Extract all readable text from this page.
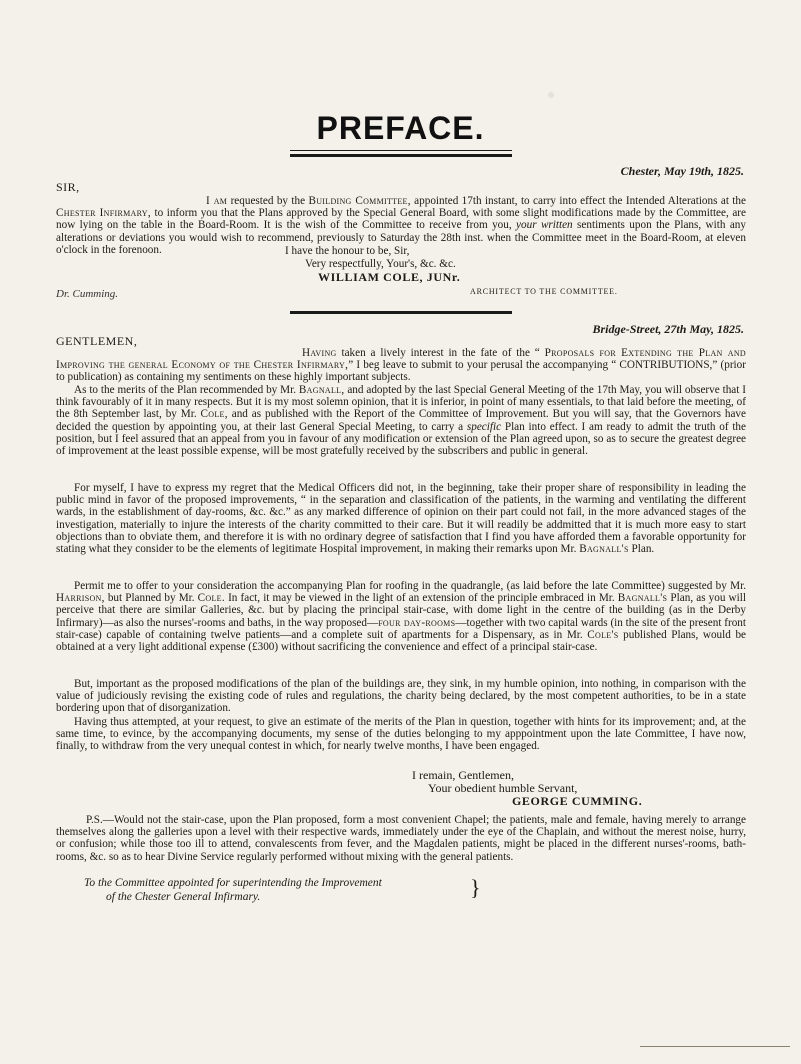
PREFACE.
Chester, May 19th, 1825.
SIR,

I am requested by the Building Committee, appointed 17th instant, to carry into effect the Intended Alterations at the Chester Infirmary, to inform you that the Plans approved by the Special General Board, with some slight modifications made by the Committee, are now lying on the table in the Board-Room. It is the wish of the Committee to receive from you, your written sentiments upon the Plans, with any alterations or deviations you would wish to recommend, previously to Saturday the 28th inst. when the Committee meet in the Board-Room, at eleven o'clock in the forenoon.	I have the honour to be, Sir,
Very respectfully, Your's, &c. &c.
WILLIAM COLE, JUNr.
ARCHITECT TO THE COMMITTEE.
Dr. Cumming.
Bridge-Street, 27th May, 1825.
GENTLEMEN,

Having taken a lively interest in the fate of the “ Proposals for Extending the Plan and Improving the general Economy of the Chester Infirmary,” I beg leave to submit to your perusal the accompanying “ CONTRIBUTIONS,” (prior to publication) as containing my sentiments on these highly important subjects.

As to the merits of the Plan recommended by Mr. Bagnall, and adopted by the last Special General Meeting of the 17th May, you will observe that I think favourably of it in many respects. But it is my most solemn opinion, that it is inferior, in point of many essentials, to that laid before the meeting, of the 8th September last, by Mr. Cole, and as published with the Report of the Committee of Improvement. But you will say, that the Governors have decided the question by appointing you, at their last General Special Meeting, to carry a specific Plan into effect. I am ready to admit the truth of the position, but I feel assured that an appeal from you in favour of any modification or extension of the Plan agreed upon, so as to secure the greatest degree of improvement at the least possible expense, will be most gratefully received by the subscribers and public in general.

For myself, I have to express my regret that the Medical Officers did not, in the beginning, take their proper share of responsibility in leading the public mind in favor of the proposed improvements, “ in the separation and classification of the patients, in the warming and ventilating the different wards, in the establishment of day-rooms, &c. &c.” as any marked difference of opinion on their part could not fail, in the more advanced stages of the investigation, materially to injure the interests of the charity committed to their care. But it will readily be addmitted that it is much more easy to start objections than to obviate them, and therefore it is with no ordinary degree of satisfaction that I find you have afforded them a favorable opportunity for stating what they consider to be the elements of legitimate Hospital improvement, in making their remarks upon Mr. Bagnall's Plan.

Permit me to offer to your consideration the accompanying Plan for roofing in the quadrangle, (as laid before the late Committee) suggested by Mr. Harrison, but Planned by Mr. Cole. In fact, it may be viewed in the light of an extension of the principle embraced in Mr. Bagnall's Plan, as you will perceive that there are similar Galleries, &c. but by placing the principal stair-case, with dome light in the centre of the building (as in the Derby Infirmary)—as also the nurses'-rooms and baths, in the way proposed—four day-rooms—together with two capital wards (in the site of the present front stair-case) capable of containing twelve patients—and a complete suit of apartments for a Dispensary, as in Mr. Cole's published Plans, would be obtained at a very light additional expense (£300) without sacrificing the convenience and effect of a principal stair-case.

But, important as the proposed modifications of the plan of the buildings are, they sink, in my humble opinion, into nothing, in comparison with the value of judiciously revising the existing code of rules and regulations, the charity being declared, by the most competent authorities, to be in a state bordering upon that of disorganization.

Having thus attempted, at your request, to give an estimate of the merits of the Plan in question, together with hints for its improvement; and, at the same time, to evince, by the accompanying documents, my sense of the duties belonging to my apppointment upon the late Committee, I have now, finally, to withdraw from the very unequal contest in which, for nearly twelve months, I have been engaged.

I remain, Gentlemen,
Your obedient humble Servant,
GEORGE CUMMING.

P.S.—Would not the stair-case, upon the Plan proposed, form a most convenient Chapel; the patients, male and female, having merely to arrange themselves along the galleries upon a level with their respective wards, immediately under the eye of the Chaplain, and without the merest noise, hurry, or confusion; while those too ill to attend, convalescents from fever, and the Magdalen patients, might be placed in the different nurses'-rooms, bath-rooms, &c. so as to hear Divine Service regularly performed without mixing with the general patients.

To the Committee appointed for superintending the Improvement
of the Chester General Infirmary.	}
